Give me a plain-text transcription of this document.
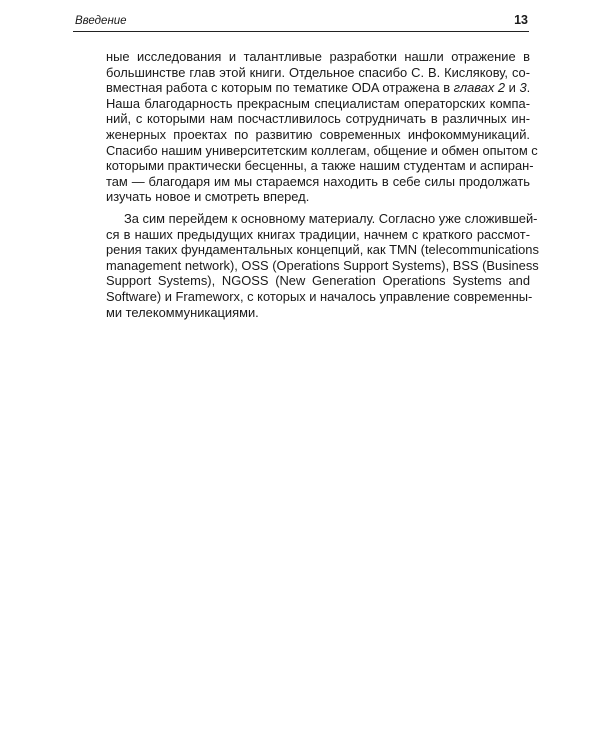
Введение	13

ные исследования и талантливые разработки нашли отражение в
большинстве глав этой книги. Отдельное спасибо С. В. Кислякову, со-
вместная работа с которым по тематике ODA отражена в главах 2 и 3.
Наша благодарность прекрасным специалистам операторских компа-
ний, с которыми нам посчастливилось сотрудничать в различных ин-
женерных проектах по развитию современных инфокоммуникаций.
Спасибо нашим университетским коллегам, общение и обмен опытом с
которыми практически бесценны, а также нашим студентам и аспиран-
там — благодаря им мы стараемся находить в себе силы продолжать
изучать новое и смотреть вперед.

За сим перейдем к основному материалу. Согласно уже сложившей-
ся в наших предыдущих книгах традиции, начнем с краткого рассмот-
рения таких фундаментальных концепций, как TMN (telecommunications
management network), OSS (Operations Support Systems), BSS (Business
Support Systems), NGOSS (New Generation Operations Systems and
Software) и Frameworx, с которых и началось управление современны-
ми телекоммуникациями.
